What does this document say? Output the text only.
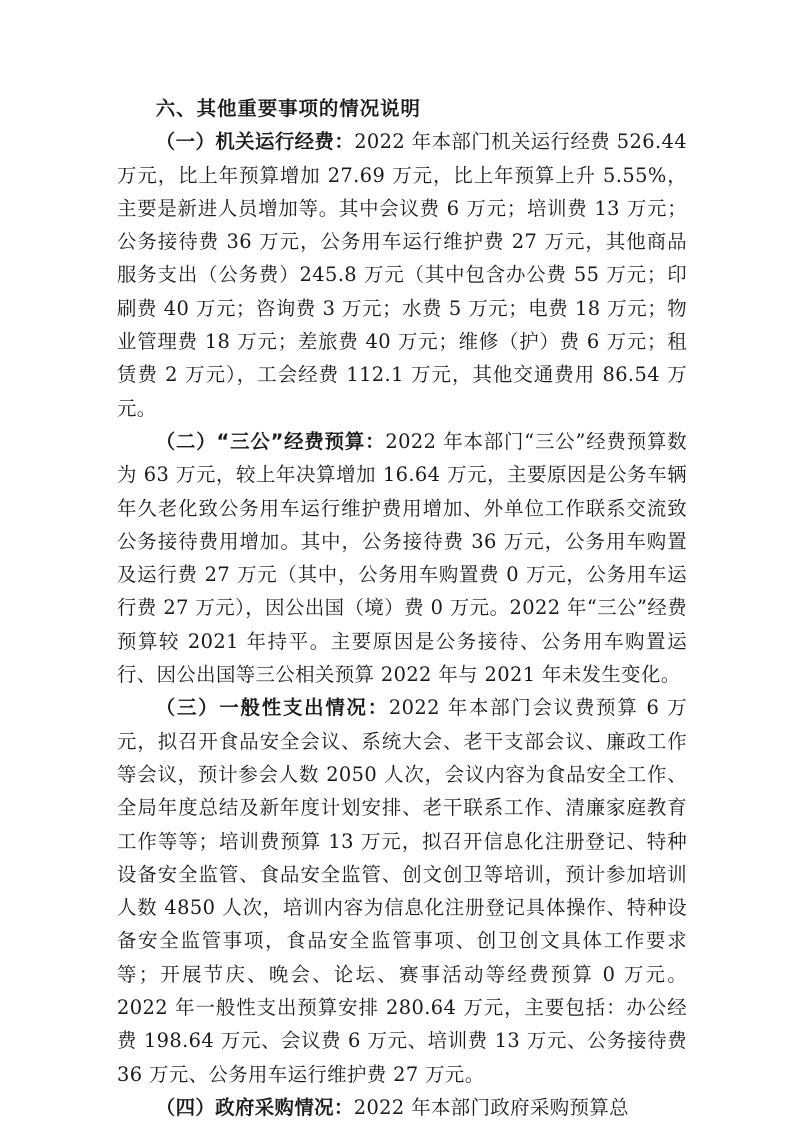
六、其他重要事项的情况说明

（一）机关运行经费：2022 年本部门机关运行经费 526.44 万元，比上年预算增加 27.69 万元，比上年预算上升 5.55%，主要是新进人员增加等。其中会议费 6 万元；培训费 13 万元；公务接待费 36 万元，公务用车运行维护费 27 万元，其他商品服务支出（公务费）245.8 万元（其中包含办公费 55 万元；印刷费 40 万元；咨询费 3 万元；水费 5 万元；电费 18 万元；物业管理费 18 万元；差旅费 40 万元；维修（护）费 6 万元；租赁费 2 万元），工会经费 112.1 万元，其他交通费用 86.54 万元。

（二）“三公”经费预算：2022 年本部门“三公”经费预算数为 63 万元，较上年决算增加 16.64 万元，主要原因是公务车辆年久老化致公务用车运行维护费用增加、外单位工作联系交流致公务接待费用增加。其中，公务接待费 36 万元，公务用车购置及运行费 27 万元（其中，公务用车购置费 0 万元，公务用车运行费 27 万元），因公出国（境）费 0 万元。2022 年“三公”经费预算较 2021 年持平。主要原因是公务接待、公务用车购置运行、因公出国等三公相关预算 2022 年与 2021 年未发生变化。

（三）一般性支出情况：2022 年本部门会议费预算 6 万元，拟召开食品安全会议、系统大会、老干支部会议、廉政工作等会议，预计参会人数 2050 人次，会议内容为食品安全工作、全局年度总结及新年度计划安排、老干联系工作、清廉家庭教育工作等等；培训费预算 13 万元，拟召开信息化注册登记、特种设备安全监管、食品安全监管、创文创卫等培训，预计参加培训人数 4850 人次，培训内容为信息化注册登记具体操作、特种设备安全监管事项，食品安全监管事项、创卫创文具体工作要求等；开展节庆、晚会、论坛、赛事活动等经费预算 0 万元。2022 年一般性支出预算安排 280.64 万元，主要包括：办公经费 198.64 万元、会议费 6 万元、培训费 13 万元、公务接待费 36 万元、公务用车运行维护费 27 万元。

（四）政府采购情况：2022 年本部门政府采购预算总
